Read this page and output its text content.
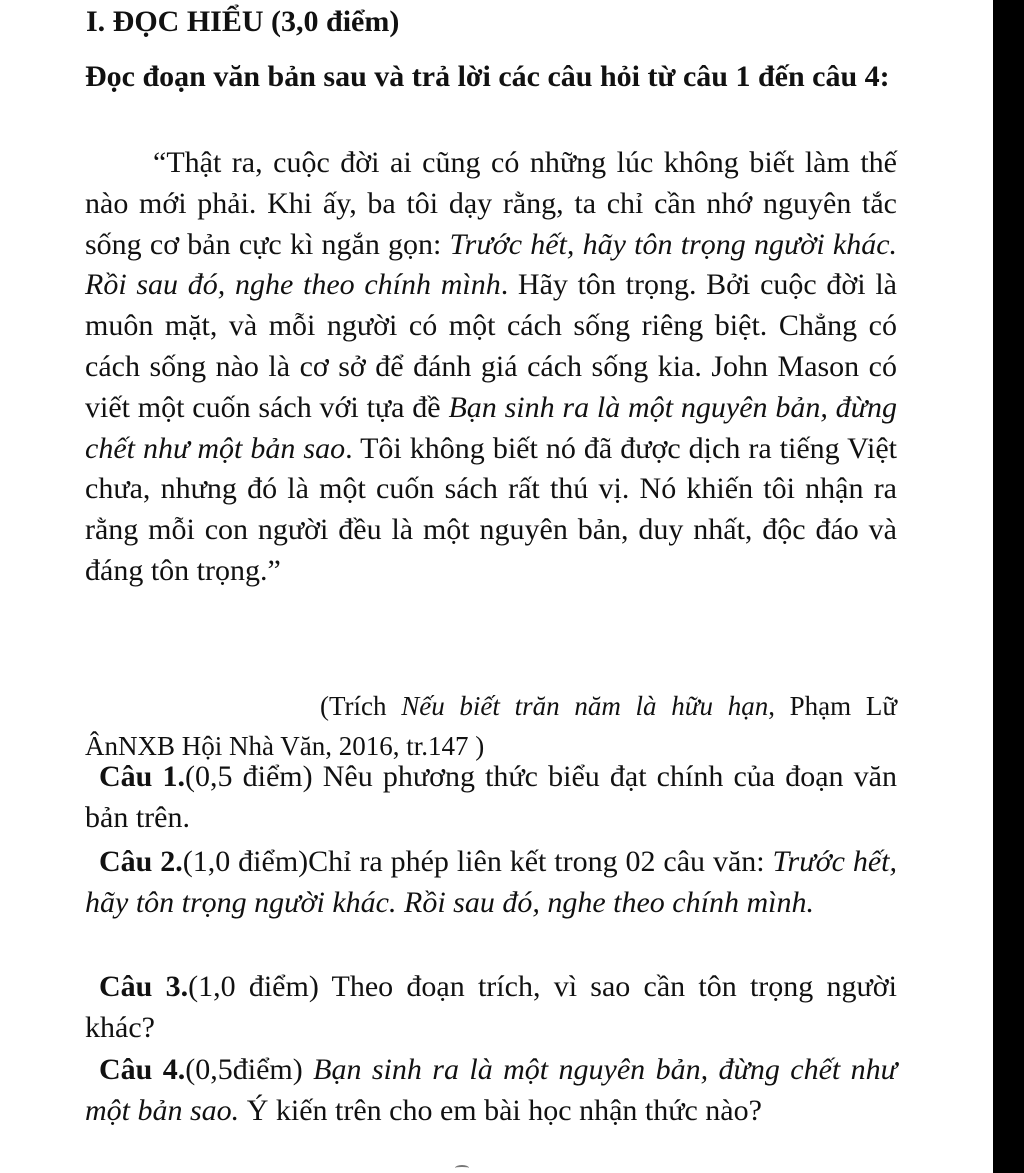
I. ĐỌC HIỂU (3,0 điểm)
Đọc đoạn văn bản sau và trả lời các câu hỏi từ câu 1 đến câu 4:

“Thật ra, cuộc đời ai cũng có những lúc không biết làm thế nào mới phải. Khi ấy, ba tôi dạy rằng, ta chỉ cần nhớ nguyên tắc sống cơ bản cực kì ngắn gọn: Trước hết, hãy tôn trọng người khác. Rồi sau đó, nghe theo chính mình. Hãy tôn trọng. Bởi cuộc đời là muôn mặt, và mỗi người có một cách sống riêng biệt. Chẳng có cách sống nào là cơ sở để đánh giá cách sống kia. John Mason có viết một cuốn sách với tựa đề Bạn sinh ra là một nguyên bản, đừng chết như một bản sao. Tôi không biết nó đã được dịch ra tiếng Việt chưa, nhưng đó là một cuốn sách rất thú vị. Nó khiến tôi nhận ra rằng mỗi con người đều là một nguyên bản, duy nhất, độc đáo và đáng tôn trọng.”

(Trích Nếu biết trăn năm là hữu hạn, Phạm Lữ ÂnNXB Hội Nhà Văn, 2016, tr.147 )

Câu 1.(0,5 điểm) Nêu phương thức biểu đạt chính của đoạn văn bản trên.

Câu 2.(1,0 điểm)Chỉ ra phép liên kết trong 02 câu văn: Trước hết, hãy tôn trọng người khác. Rồi sau đó, nghe theo chính mình.

Câu 3.(1,0 điểm) Theo đoạn trích, vì sao cần tôn trọng người khác?

Câu 4.(0,5điểm) Bạn sinh ra là một nguyên bản, đừng chết như một bản sao. Ý kiến trên cho em bài học nhận thức nào?
